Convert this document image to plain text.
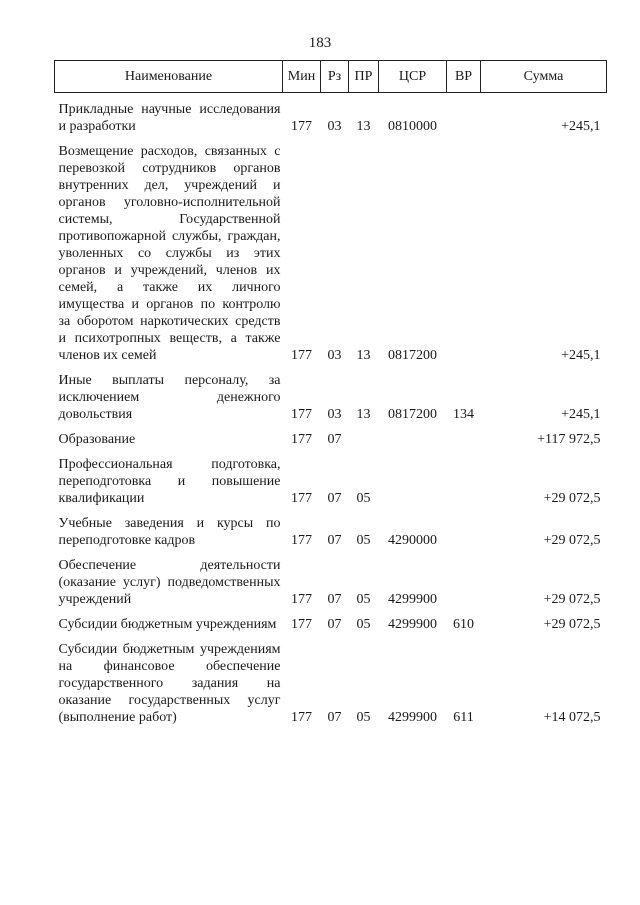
183
Наименование	Мин	Рз	ПР	ЦСР	ВР	Сумма

Прикладные научные исследования и разработки	177	03	13	0810000		+245,1

Возмещение расходов, связанных с перевозкой сотрудников органов внутренних дел, учреждений и органов уголовно-исполнительной системы, Государственной противопожарной службы, граждан, уволенных со службы из этих органов и учреждений, членов их семей, а также их личного имущества и органов по контролю за оборотом наркотических средств и психотропных веществ, а также членов их семей	177	03	13	0817200		+245,1

Иные выплаты персоналу, за исключением денежного довольствия	177	03	13	0817200	134	+245,1

Образование	177	07				+117 972,5

Профессиональная подготовка, переподготовка и повышение квалификации	177	07	05			+29 072,5

Учебные заведения и курсы по переподготовке кадров	177	07	05	4290000		+29 072,5

Обеспечение деятельности (оказание услуг) подведомственных учреждений	177	07	05	4299900		+29 072,5

Субсидии бюджетным учреждениям	177	07	05	4299900	610	+29 072,5

Субсидии бюджетным учреждениям на финансовое обеспечение государственного задания на оказание государственных услуг (выполнение работ)	177	07	05	4299900	611	+14 072,5
